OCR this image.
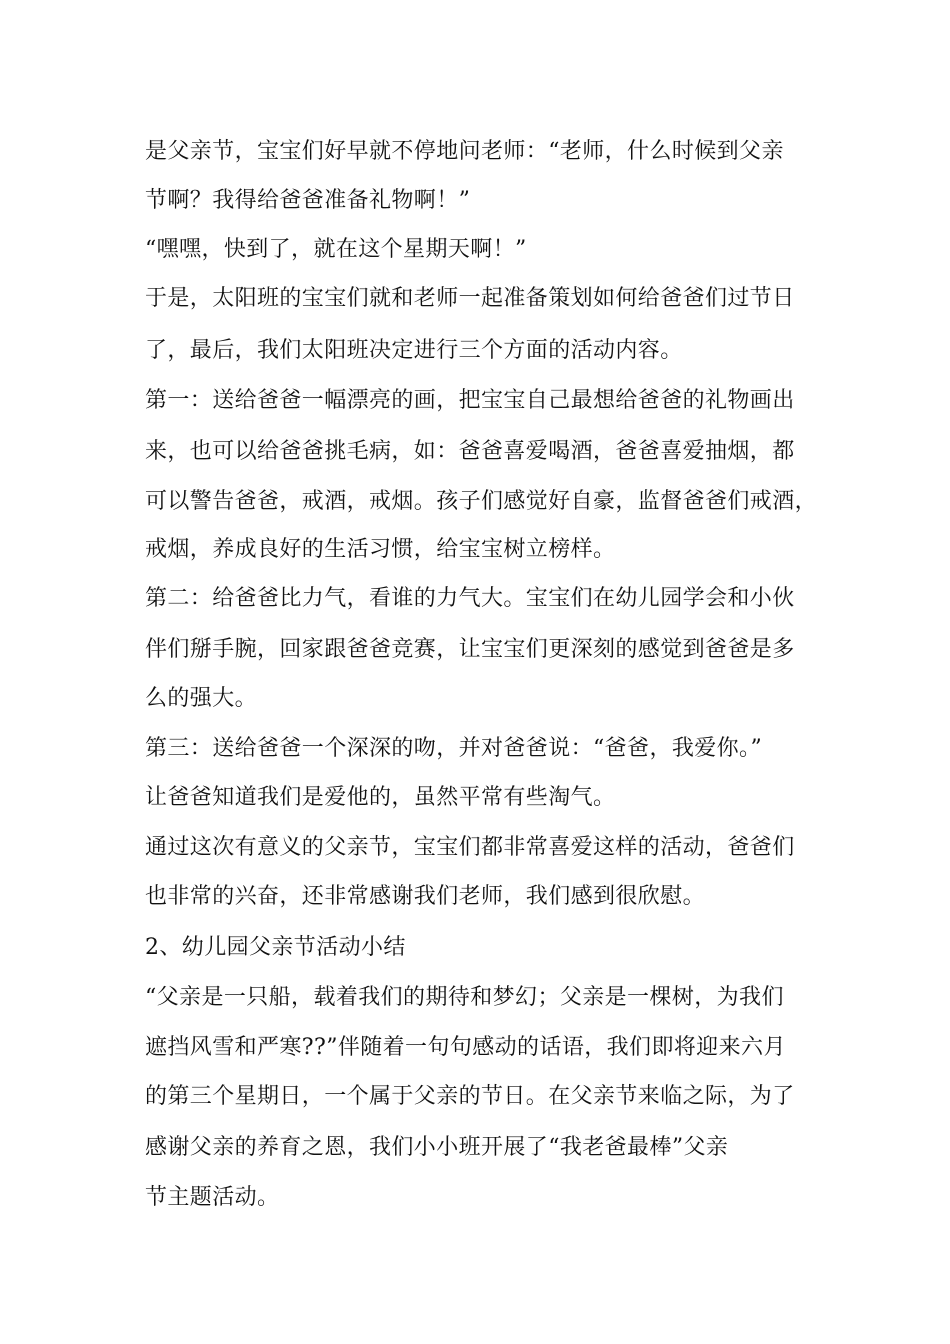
是父亲节，宝宝们好早就不停地问老师：“老师，什么时候到父亲
节啊？我得给爸爸准备礼物啊！”
“嘿嘿，快到了，就在这个星期天啊！”
于是，太阳班的宝宝们就和老师一起准备策划如何给爸爸们过节日
了，最后，我们太阳班决定进行三个方面的活动内容。
第一：送给爸爸一幅漂亮的画，把宝宝自己最想给爸爸的礼物画出
来，也可以给爸爸挑毛病，如：爸爸喜爱喝酒，爸爸喜爱抽烟，都
可以警告爸爸，戒酒，戒烟。孩子们感觉好自豪，监督爸爸们戒酒，
戒烟，养成良好的生活习惯，给宝宝树立榜样。
第二：给爸爸比力气，看谁的力气大。宝宝们在幼儿园学会和小伙
伴们掰手腕，回家跟爸爸竞赛，让宝宝们更深刻的感觉到爸爸是多
么的强大。
第三：送给爸爸一个深深的吻，并对爸爸说：“爸爸，我爱你。”
让爸爸知道我们是爱他的，虽然平常有些淘气。
通过这次有意义的父亲节，宝宝们都非常喜爱这样的活动，爸爸们
也非常的兴奋，还非常感谢我们老师，我们感到很欣慰。
2、幼儿园父亲节活动小结
“父亲是一只船，载着我们的期待和梦幻；父亲是一棵树，为我们
遮挡风雪和严寒??”伴随着一句句感动的话语，我们即将迎来六月
的第三个星期日，一个属于父亲的节日。在父亲节来临之际，为了
感谢父亲的养育之恩，我们小小班开展了“我老爸最棒”父亲
节主题活动。
